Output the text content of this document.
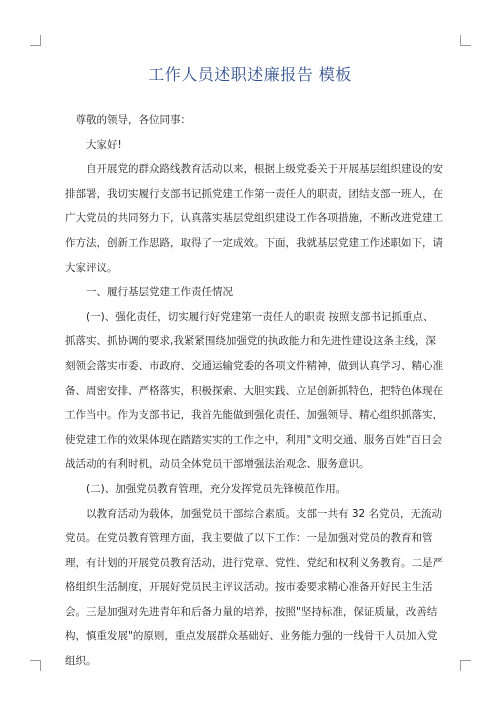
工作人员述职述廉报告 模板

尊敬的领导，各位同事：

大家好!

自开展党的群众路线教育活动以来，根据上级党委关于开展基层组织建设的安排部署，我切实履行支部书记抓党建工作第一责任人的职责，团结支部一班人，在广大党员的共同努力下，认真落实基层党组织建设工作各项措施，不断改进党建工作方法，创新工作思路，取得了一定成效。下面，我就基层党建工作述职如下，请大家评议。

一、履行基层党建工作责任情况

(一)、强化责任，切实履行好党建第一责任人的职责 按照支部书记抓重点、抓落实、抓协调的要求,我紧紧围绕加强党的执政能力和先进性建设这条主线，深刻领会落实市委、市政府、交通运输党委的各项文件精神，做到认真学习、精心准备、周密安排、严格落实，积极探索、大胆实践、立足创新抓特色，把特色体现在工作当中。作为支部书记，我首先能做到强化责任、加强领导、精心组织抓落实，使党建工作的效果体现在踏踏实实的工作之中，利用"文明交通、服务百姓"百日会战活动的有利时机，动员全体党员干部增强法治观念、服务意识。

(二)、加强党员教育管理，充分发挥党员先锋模范作用。

以教育活动为载体，加强党员干部综合素质。支部一共有 32 名党员，无流动党员。在党员教育管理方面，我主要做了以下工作：一是加强对党员的教育和管理，有计划的开展党员教育活动，进行党章、党性、党纪和权利义务教育。二是严格组织生活制度，开展好党员民主评议活动。按市委要求精心准备开好民主生活会。三是加强对先进青年和后备力量的培养，按照"坚持标准，保证质量，改善结构，慎重发展"的原则，重点发展群众基础好、业务能力强的一线骨干人员加入党组织。
